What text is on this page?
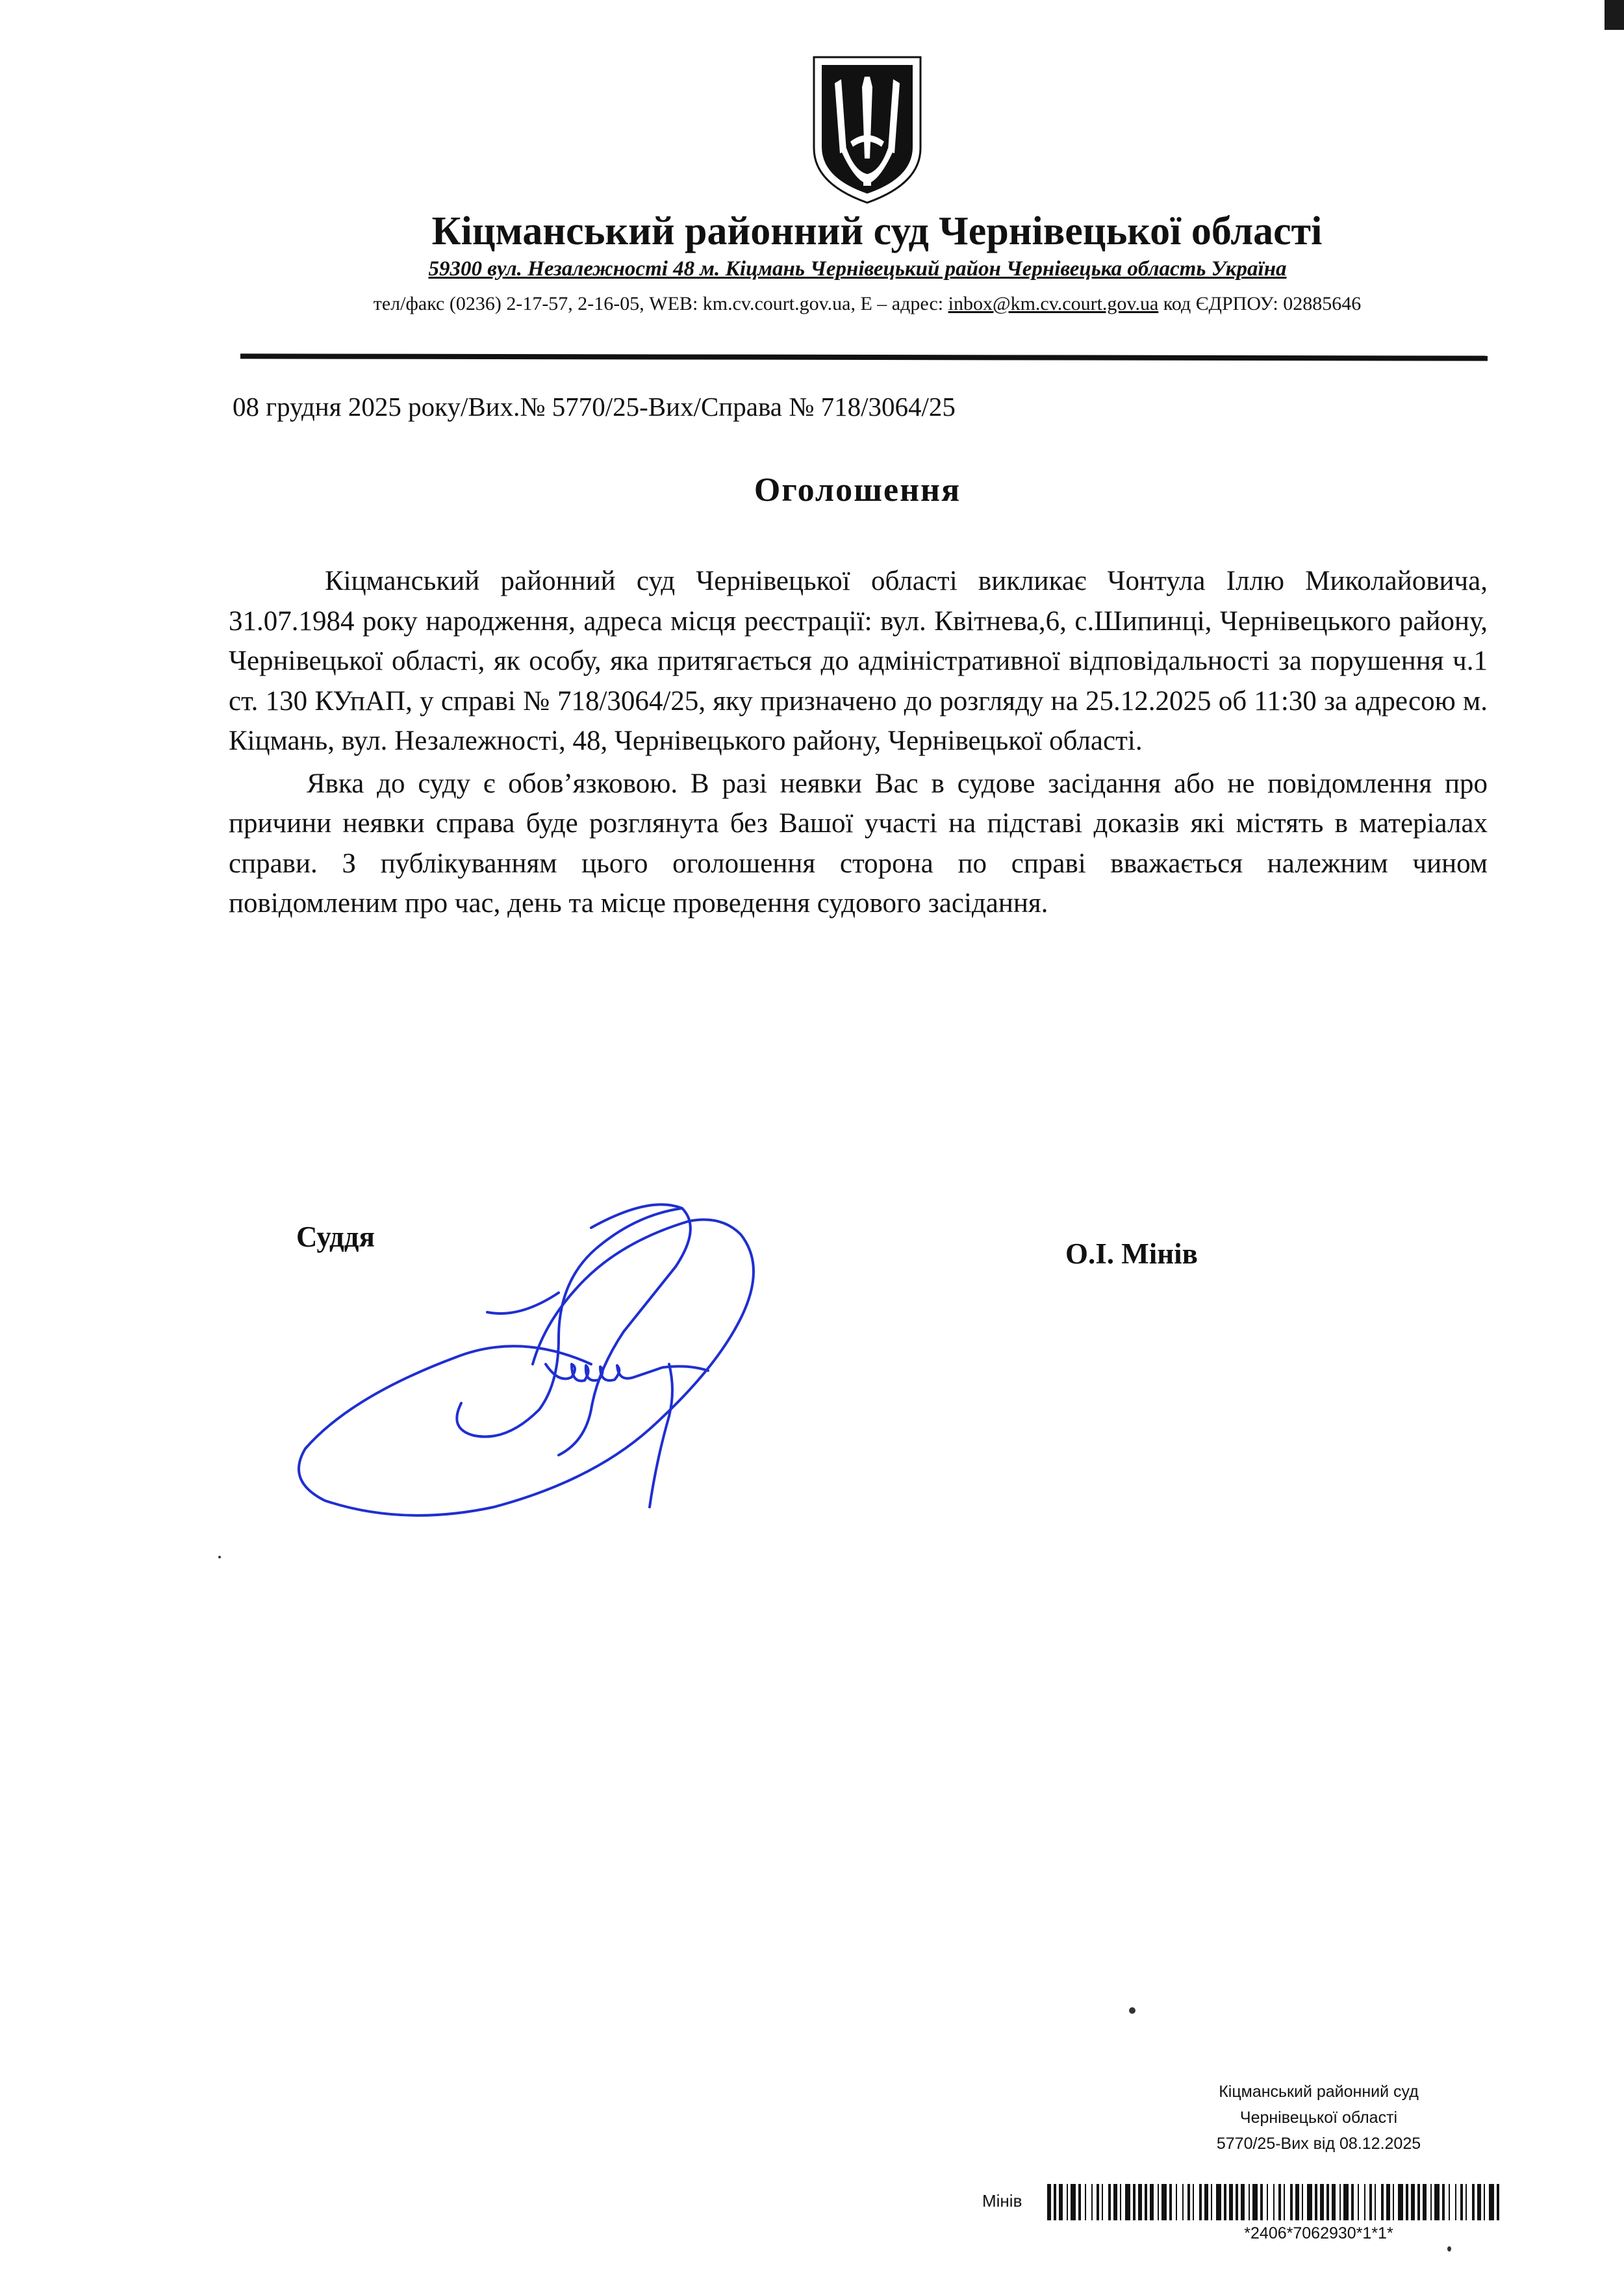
Кіцманський районний суд Чернівецької області
59300 вул. Незалежності 48 м. Кіцмань Чернівецький район Чернівецька область Україна
тел/факс (0236) 2-17-57, 2-16-05, WEB: km.cv.court.gov.ua, E – адрес: inbox@km.cv.court.gov.ua код ЄДРПОУ: 02885646
08 грудня 2025 року/Вих.№ 5770/25-Вих/Справа № 718/3064/25
Оголошення

Кіцманський районний суд Чернівецької області викликає Чонтула Іллю Миколайовича, 31.07.1984 року народження, адреса місця реєстрації: вул. Квітнева,6, с.Шипинці, Чернівецького району, Чернівецької області, як особу, яка притягається до адміністративної відповідальності за порушення ч.1 ст. 130 КУпАП, у справі № 718/3064/25, яку призначено до розгляду на 25.12.2025 об 11:30 за адресою м. Кіцмань, вул. Незалежності, 48, Чернівецького району, Чернівецької області.

Явка до суду є обов’язковою. В разі неявки Вас в судове засідання або не повідомлення про причини неявки справа буде розглянута без Вашої участі на підставі доказів які містять в матеріалах справи. З публікуванням цього оголошення сторона по справі вважається належним чином повідомленим про час, день та місце проведення судового засідання.

Суддя
О.І. Мінів
Кіцманський районний суд
Чернівецької області
5770/25-Вих від 08.12.2025
Мінів
*2406*7062930*1*1*
